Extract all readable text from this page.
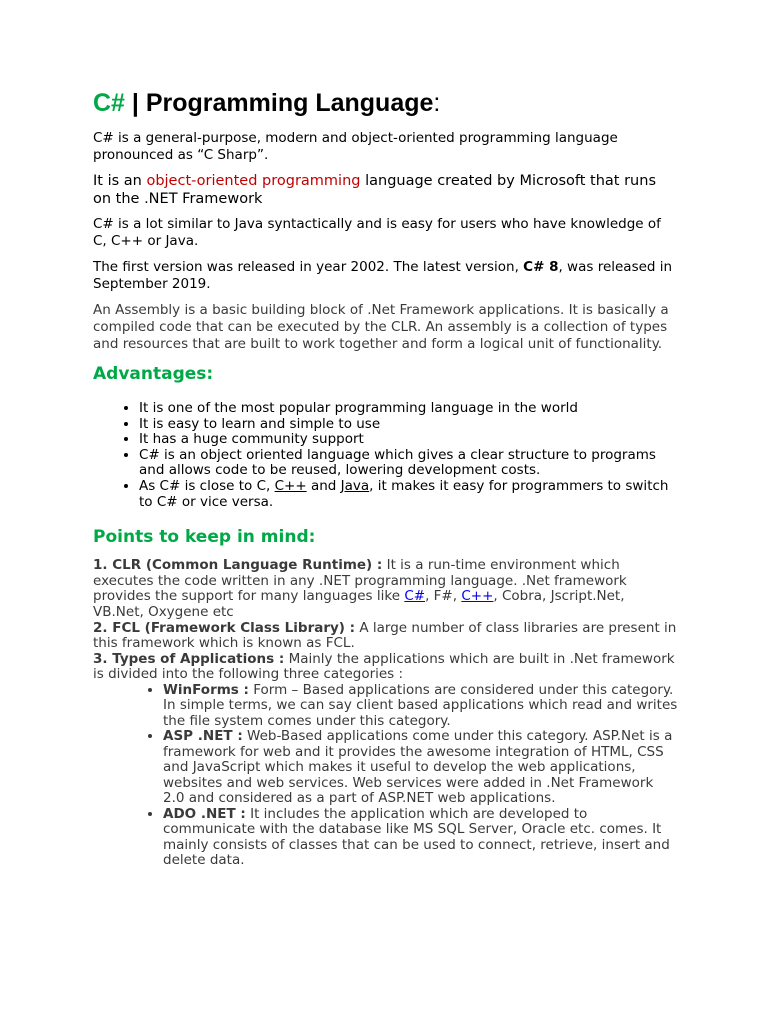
C# | Programming Language:

C# is a general-purpose, modern and object-oriented programming language pronounced as “C Sharp”.

It is an object-oriented programming language created by Microsoft that runs on the .NET Framework

C# is a lot similar to Java syntactically and is easy for users who have knowledge of C, C++ or Java.

The first version was released in year 2002. The latest version, C# 8, was released in September 2019.

An Assembly is a basic building block of .Net Framework applications. It is basically a compiled code that can be executed by the CLR. An assembly is a collection of types and resources that are built to work together and form a logical unit of functionality.

Advantages:
• It is one of the most popular programming language in the world
• It is easy to learn and simple to use
• It has a huge community support
• C# is an object oriented language which gives a clear structure to programs and allows code to be reused, lowering development costs.
• As C# is close to C, C++ and Java, it makes it easy for programmers to switch to C# or vice versa.
Points to keep in mind:
1. CLR (Common Language Runtime) : It is a run-time environment which executes the code written in any .NET programming language. .Net framework provides the support for many languages like C#, F#, C++, Cobra, Jscript.Net, VB.Net, Oxygene etc
2. FCL (Framework Class Library) : A large number of class libraries are present in this framework which is known as FCL.
3. Types of Applications : Mainly the applications which are built in .Net framework is divided into the following three categories :
• WinForms : Form – Based applications are considered under this category. In simple terms, we can say client based applications which read and writes the file system comes under this category.
• ASP .NET : Web-Based applications come under this category. ASP.Net is a framework for web and it provides the awesome integration of HTML, CSS and JavaScript which makes it useful to develop the web applications, websites and web services. Web services were added in .Net Framework 2.0 and considered as a part of ASP.NET web applications.
• ADO .NET : It includes the application which are developed to communicate with the database like MS SQL Server, Oracle etc. comes. It mainly consists of classes that can be used to connect, retrieve, insert and delete data.
